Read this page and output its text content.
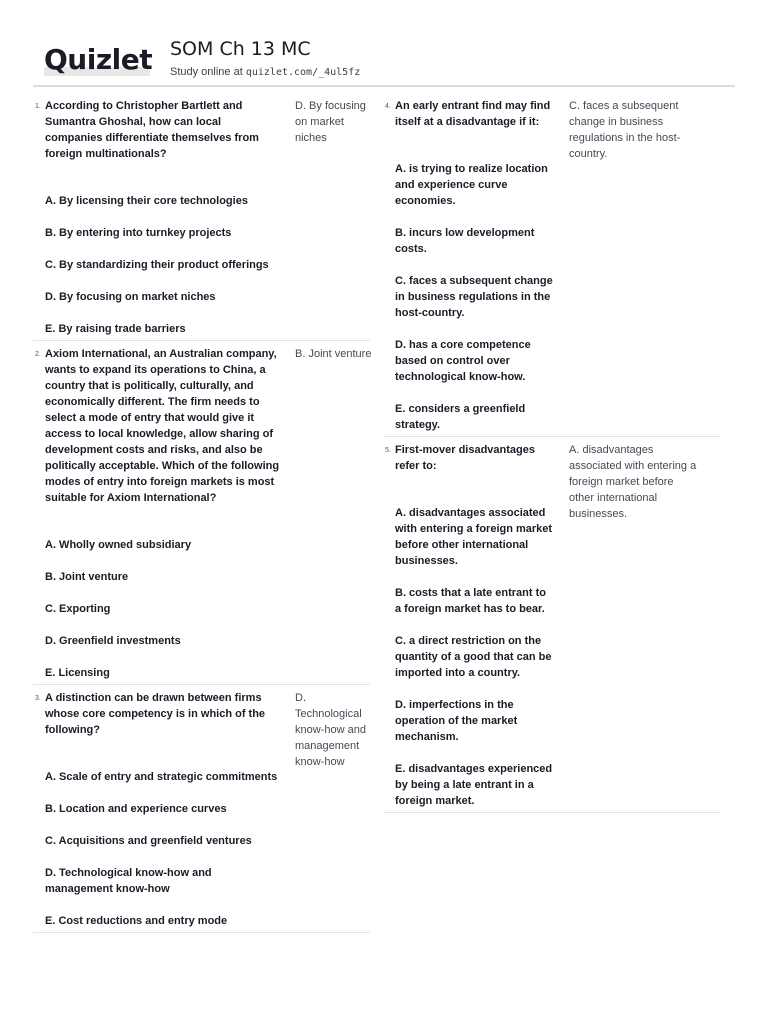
Quizlet SOM Ch 13 MC
Study online at quizlet.com/_4ul5fz
1. According to Christopher Bartlett and Sumantra Ghoshal, how can local companies differentiate themselves from foreign multinationals?
A. By licensing their core technologies
B. By entering into turnkey projects
C. By standardizing their product offerings
D. By focusing on market niches
E. By raising trade barriers
D. By focusing on market niches
2. Axiom International, an Australian company, wants to expand its operations to China, a country that is politically, culturally, and economically different. The firm needs to select a mode of entry that would give it access to local knowledge, allow sharing of development costs and risks, and also be politically acceptable. Which of the following modes of entry into foreign markets is most suitable for Axiom International?
A. Wholly owned subsidiary
B. Joint venture
C. Exporting
D. Greenfield investments
E. Licensing
B. Joint venture
3. A distinction can be drawn between firms whose core competency is in which of the following?
A. Scale of entry and strategic commitments
B. Location and experience curves
C. Acquisitions and greenfield ventures
D. Technological know-how and management know-how
E. Cost reductions and entry mode
D. Technological know-how and management know-how
4. An early entrant find may find itself at a disadvantage if it:
A. is trying to realize location and experience curve economies.
B. incurs low development costs.
C. faces a subsequent change in business regulations in the host-country.
D. has a core competence based on control over technological know-how.
E. considers a greenfield strategy.
C. faces a subsequent change in business regulations in the host-country.
5. First-mover disadvantages refer to:
A. disadvantages associated with entering a foreign market before other international businesses.
B. costs that a late entrant to a foreign market has to bear.
C. a direct restriction on the quantity of a good that can be imported into a country.
D. imperfections in the operation of the market mechanism.
E. disadvantages experienced by being a late entrant in a foreign market.
A. disadvantages associated with entering a foreign market before other international businesses.
